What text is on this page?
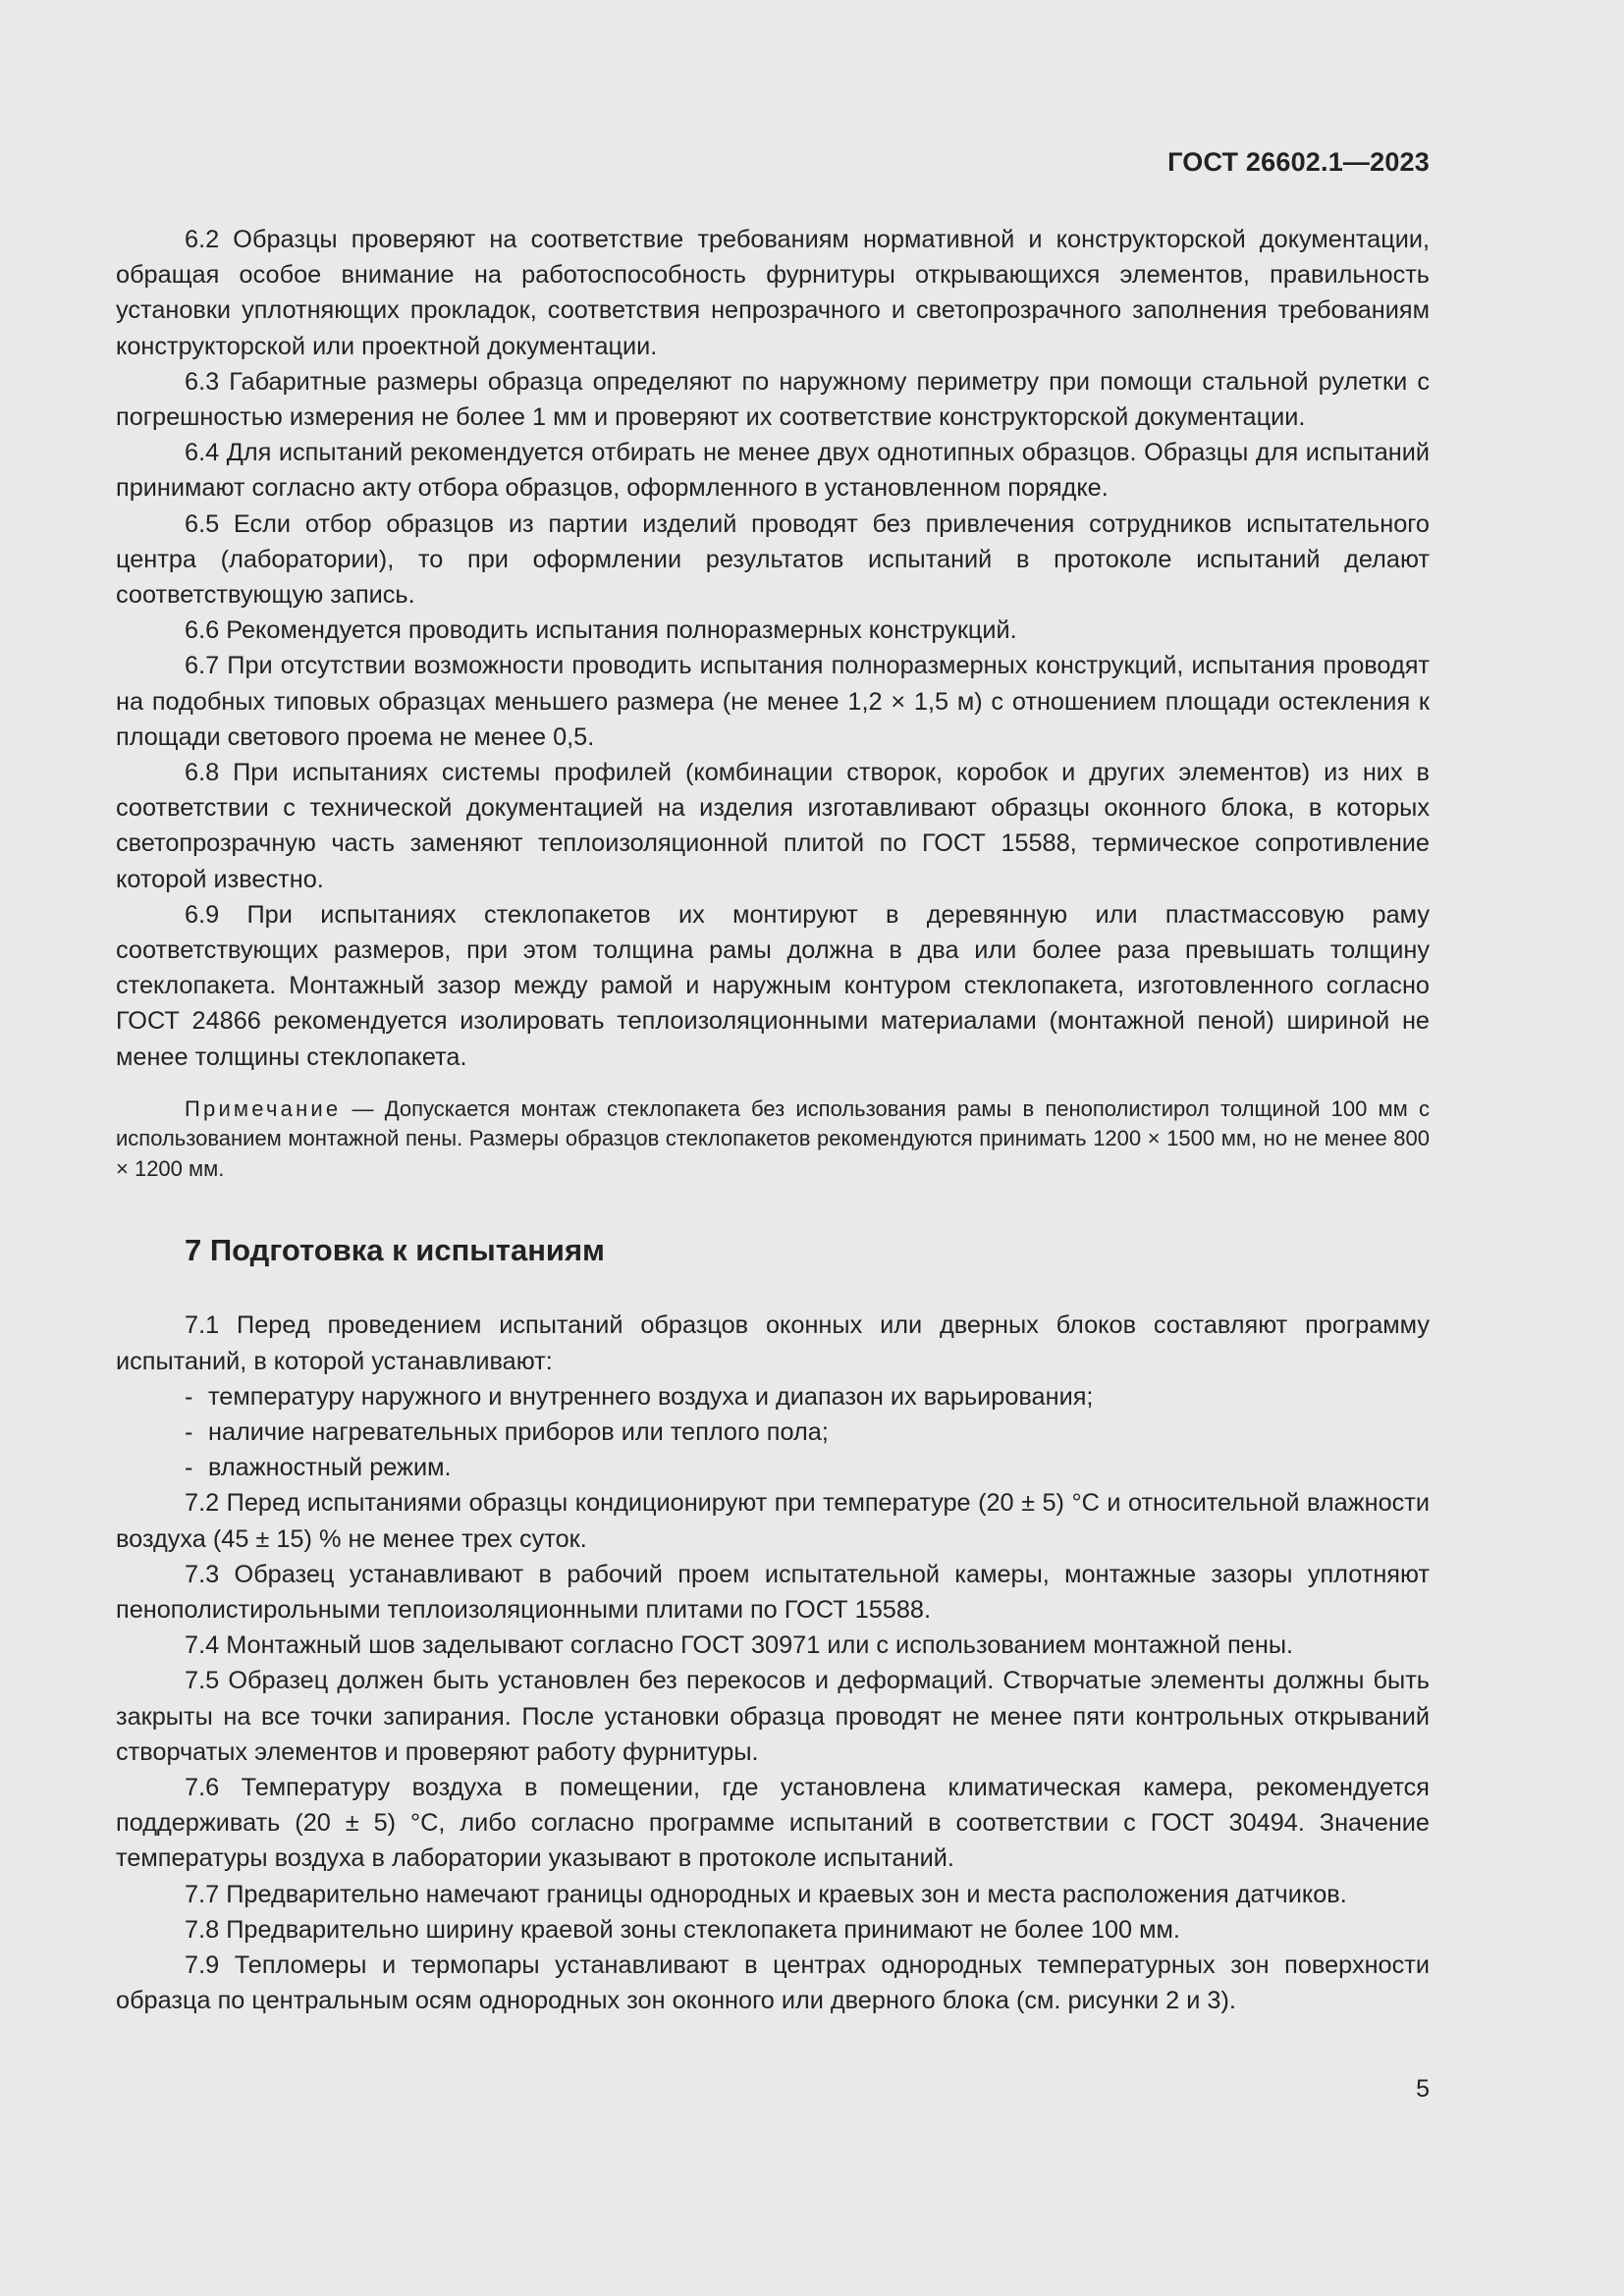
ГОСТ 26602.1—2023

6.2 Образцы проверяют на соответствие требованиям нормативной и конструкторской документации, обращая особое внимание на работоспособность фурнитуры открывающихся элементов, правильность установки уплотняющих прокладок, соответствия непрозрачного и светопрозрачного заполнения требованиям конструкторской или проектной документации.

6.3 Габаритные размеры образца определяют по наружному периметру при помощи стальной рулетки с погрешностью измерения не более 1 мм и проверяют их соответствие конструкторской документации.

6.4 Для испытаний рекомендуется отбирать не менее двух однотипных образцов. Образцы для испытаний принимают согласно акту отбора образцов, оформленного в установленном порядке.

6.5 Если отбор образцов из партии изделий проводят без привлечения сотрудников испытательного центра (лаборатории), то при оформлении результатов испытаний в протоколе испытаний делают соответствующую запись.

6.6 Рекомендуется проводить испытания полноразмерных конструкций.

6.7 При отсутствии возможности проводить испытания полноразмерных конструкций, испытания проводят на подобных типовых образцах меньшего размера (не менее 1,2 × 1,5 м) с отношением площади остекления к площади светового проема не менее 0,5.

6.8 При испытаниях системы профилей (комбинации створок, коробок и других элементов) из них в соответствии с технической документацией на изделия изготавливают образцы оконного блока, в которых светопрозрачную часть заменяют теплоизоляционной плитой по ГОСТ 15588, термическое сопротивление которой известно.

6.9 При испытаниях стеклопакетов их монтируют в деревянную или пластмассовую раму соответствующих размеров, при этом толщина рамы должна в два или более раза превышать толщину стеклопакета. Монтажный зазор между рамой и наружным контуром стеклопакета, изготовленного согласно ГОСТ 24866 рекомендуется изолировать теплоизоляционными материалами (монтажной пеной) шириной не менее толщины стеклопакета.

Примечание — Допускается монтаж стеклопакета без использования рамы в пенополистирол толщиной 100 мм с использованием монтажной пены. Размеры образцов стеклопакетов рекомендуются принимать 1200 × 1500 мм, но не менее 800 × 1200 мм.

7 Подготовка к испытаниям

7.1 Перед проведением испытаний образцов оконных или дверных блоков составляют программу испытаний, в которой устанавливают:

- температуру наружного и внутреннего воздуха и диапазон их варьирования;
- наличие нагревательных приборов или теплого пола;
- влажностный режим.

7.2 Перед испытаниями образцы кондиционируют при температуре (20 ± 5) °С и относительной влажности воздуха (45 ± 15) % не менее трех суток.

7.3 Образец устанавливают в рабочий проем испытательной камеры, монтажные зазоры уплотняют пенополистирольными теплоизоляционными плитами по ГОСТ 15588.

7.4 Монтажный шов заделывают согласно ГОСТ 30971 или с использованием монтажной пены.

7.5 Образец должен быть установлен без перекосов и деформаций. Створчатые элементы должны быть закрыты на все точки запирания. После установки образца проводят не менее пяти контрольных открываний створчатых элементов и проверяют работу фурнитуры.

7.6 Температуру воздуха в помещении, где установлена климатическая камера, рекомендуется поддерживать (20 ± 5) °С, либо согласно программе испытаний в соответствии с ГОСТ 30494. Значение температуры воздуха в лаборатории указывают в протоколе испытаний.

7.7 Предварительно намечают границы однородных и краевых зон и места расположения датчиков.

7.8 Предварительно ширину краевой зоны стеклопакета принимают не более 100 мм.

7.9 Тепломеры и термопары устанавливают в центрах однородных температурных зон поверхности образца по центральным осям однородных зон оконного или дверного блока (см. рисунки 2 и 3).

5
